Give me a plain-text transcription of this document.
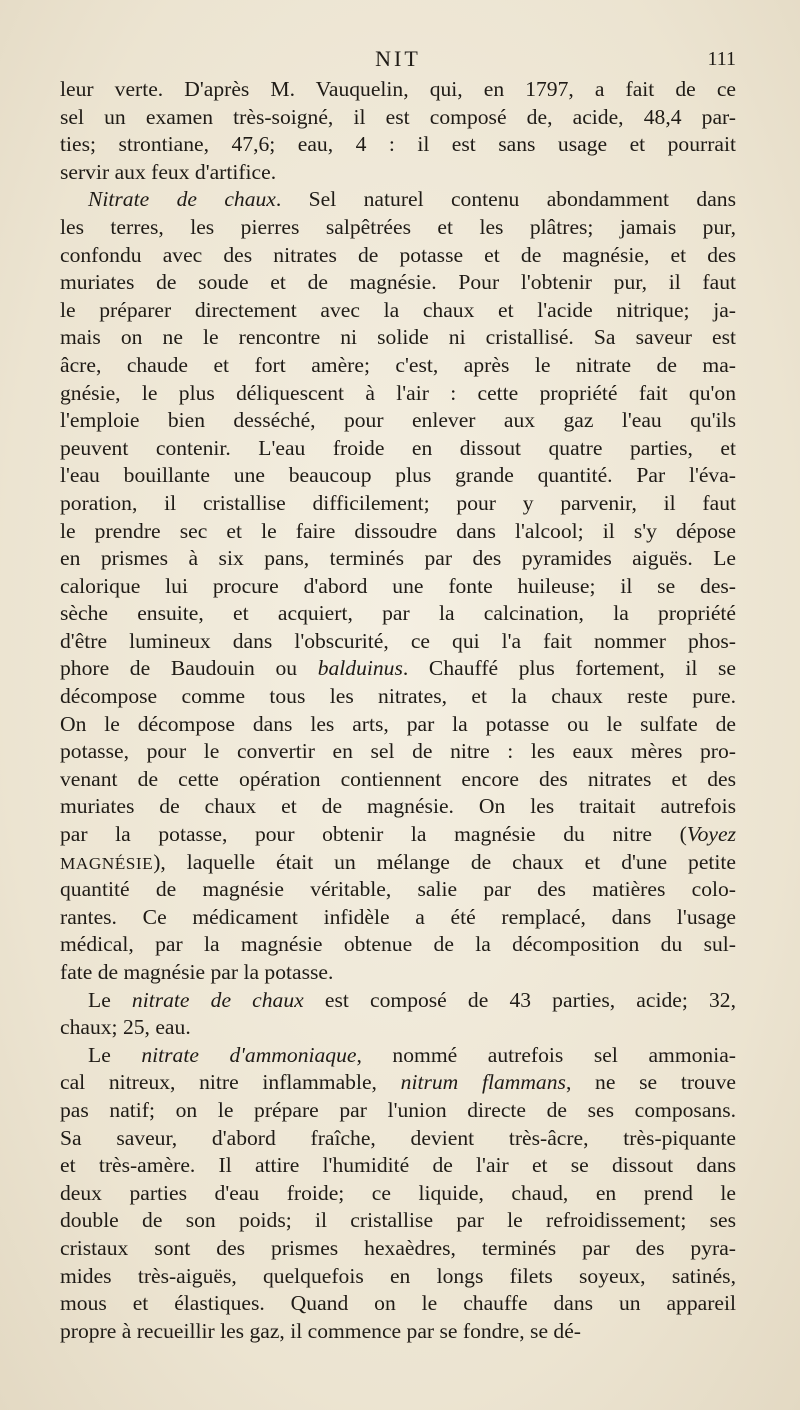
NIT	111
leur verte. D'après M. Vauquelin, qui, en 1797, a fait de ce
sel un examen très-soigné, il est composé de, acide, 48,4 par-
ties; strontiane, 47,6; eau, 4 : il est sans usage et pourrait
servir aux feux d'artifice.
Nitrate de chaux. Sel naturel contenu abondamment dans
les terres, les pierres salpêtrées et les plâtres; jamais pur,
confondu avec des nitrates de potasse et de magnésie, et des
muriates de soude et de magnésie. Pour l'obtenir pur, il faut
le préparer directement avec la chaux et l'acide nitrique; ja-
mais on ne le rencontre ni solide ni cristallisé. Sa saveur est
âcre, chaude et fort amère; c'est, après le nitrate de ma-
gnésie, le plus déliquescent à l'air : cette propriété fait qu'on
l'emploie bien desséché, pour enlever aux gaz l'eau qu'ils
peuvent contenir. L'eau froide en dissout quatre parties, et
l'eau bouillante une beaucoup plus grande quantité. Par l'éva-
poration, il cristallise difficilement; pour y parvenir, il faut
le prendre sec et le faire dissoudre dans l'alcool; il s'y dépose
en prismes à six pans, terminés par des pyramides aiguës. Le
calorique lui procure d'abord une fonte huileuse; il se des-
sèche ensuite, et acquiert, par la calcination, la propriété
d'être lumineux dans l'obscurité, ce qui l'a fait nommer phos-
phore de Baudouin ou balduinus. Chauffé plus fortement, il se
décompose comme tous les nitrates, et la chaux reste pure.
On le décompose dans les arts, par la potasse ou le sulfate de
potasse, pour le convertir en sel de nitre : les eaux mères pro-
venant de cette opération contiennent encore des nitrates et des
muriates de chaux et de magnésie. On les traitait autrefois
par la potasse, pour obtenir la magnésie du nitre (Voyez
MAGNÉSIE), laquelle était un mélange de chaux et d'une petite
quantité de magnésie véritable, salie par des matières colo-
rantes. Ce médicament infidèle a été remplacé, dans l'usage
médical, par la magnésie obtenue de la décomposition du sul-
fate de magnésie par la potasse.
Le nitrate de chaux est composé de 43 parties, acide; 32,
chaux; 25, eau.
Le nitrate d'ammoniaque, nommé autrefois sel ammonia-
cal nitreux, nitre inflammable, nitrum flammans, ne se trouve
pas natif; on le prépare par l'union directe de ses composans.
Sa saveur, d'abord fraîche, devient très-âcre, très-piquante
et très-amère. Il attire l'humidité de l'air et se dissout dans
deux parties d'eau froide; ce liquide, chaud, en prend le
double de son poids; il cristallise par le refroidissement; ses
cristaux sont des prismes hexaèdres, terminés par des pyra-
mides très-aiguës, quelquefois en longs filets soyeux, satinés,
mous et élastiques. Quand on le chauffe dans un appareil
propre à recueillir les gaz, il commence par se fondre, se dé-
